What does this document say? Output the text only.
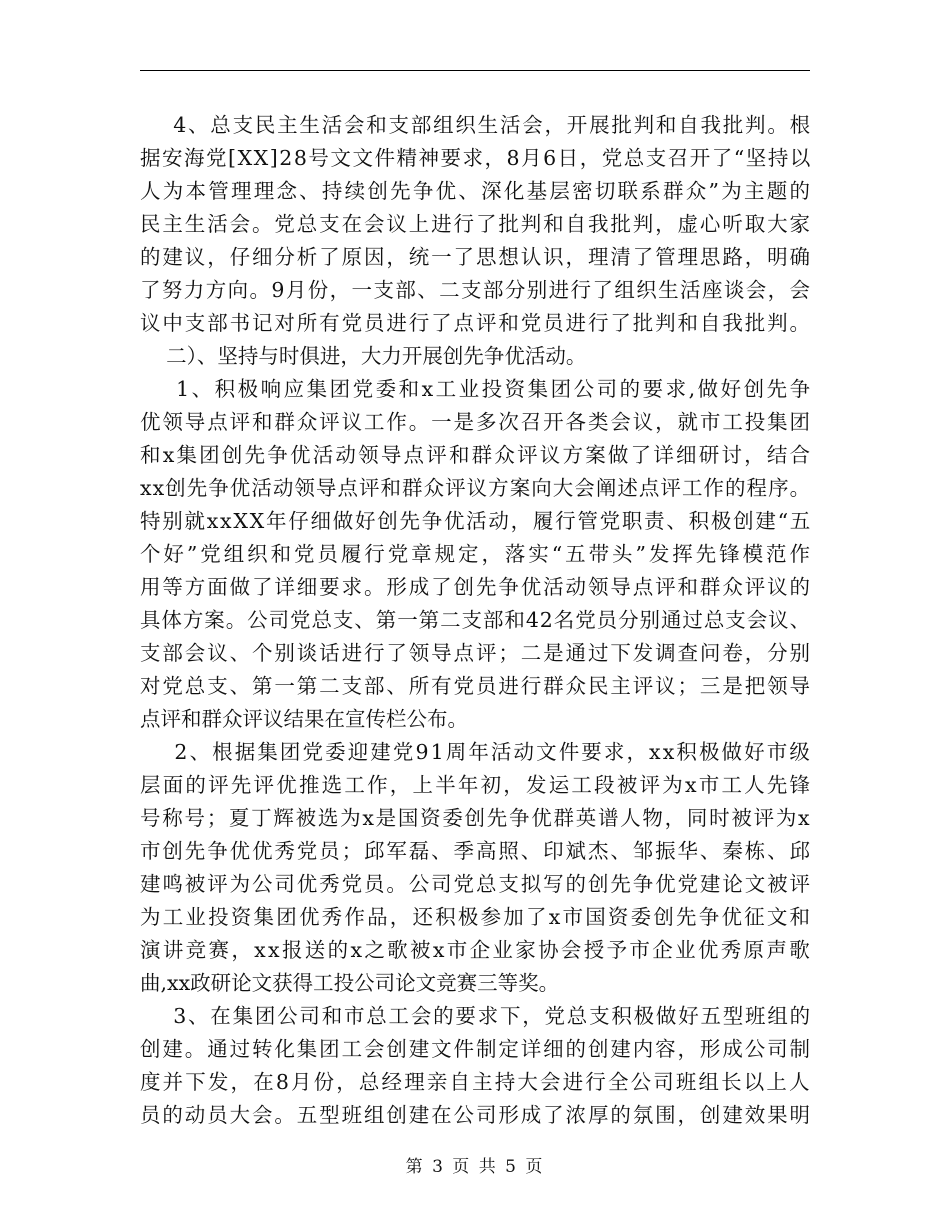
4、总支民主生活会和支部组织生活会，开展批判和自我批判。根
据安海党[XX]28号文文件精神要求，8月6日，党总支召开了“坚持以
人为本管理理念、持续创先争优、深化基层密切联系群众”为主题的
民主生活会。党总支在会议上进行了批判和自我批判，虚心听取大家
的建议，仔细分析了原因，统一了思想认识，理清了管理思路，明确
了努力方向。9月份，一支部、二支部分别进行了组织生活座谈会，会
议中支部书记对所有党员进行了点评和党员进行了批判和自我批判。
二）、坚持与时俱进，大力开展创先争优活动。
1、积极响应集团党委和x工业投资集团公司的要求,做好创先争
优领导点评和群众评议工作。一是多次召开各类会议，就市工投集团
和x集团创先争优活动领导点评和群众评议方案做了详细研讨，结合
xx创先争优活动领导点评和群众评议方案向大会阐述点评工作的程序。
特别就xxXX年仔细做好创先争优活动，履行管党职责、积极创建“五
个好”党组织和党员履行党章规定，落实“五带头”发挥先锋模范作
用等方面做了详细要求。形成了创先争优活动领导点评和群众评议的
具体方案。公司党总支、第一第二支部和42名党员分别通过总支会议、
支部会议、个别谈话进行了领导点评；二是通过下发调查问卷，分别
对党总支、第一第二支部、所有党员进行群众民主评议；三是把领导
点评和群众评议结果在宣传栏公布。
2、根据集团党委迎建党91周年活动文件要求，xx积极做好市级
层面的评先评优推选工作，上半年初，发运工段被评为x市工人先锋
号称号；夏丁辉被选为x是国资委创先争优群英谱人物，同时被评为x
市创先争优优秀党员；邱军磊、季高照、印斌杰、邹振华、秦栋、邱
建鸣被评为公司优秀党员。公司党总支拟写的创先争优党建论文被评
为工业投资集团优秀作品，还积极参加了x市国资委创先争优征文和
演讲竞赛，xx报送的x之歌被x市企业家协会授予市企业优秀原声歌
曲,xx政研论文获得工投公司论文竞赛三等奖。
3、在集团公司和市总工会的要求下，党总支积极做好五型班组的
创建。通过转化集团工会创建文件制定详细的创建内容，形成公司制
度并下发，在8月份，总经理亲自主持大会进行全公司班组长以上人
员的动员大会。五型班组创建在公司形成了浓厚的氛围，创建效果明
第 3 页 共 5 页
